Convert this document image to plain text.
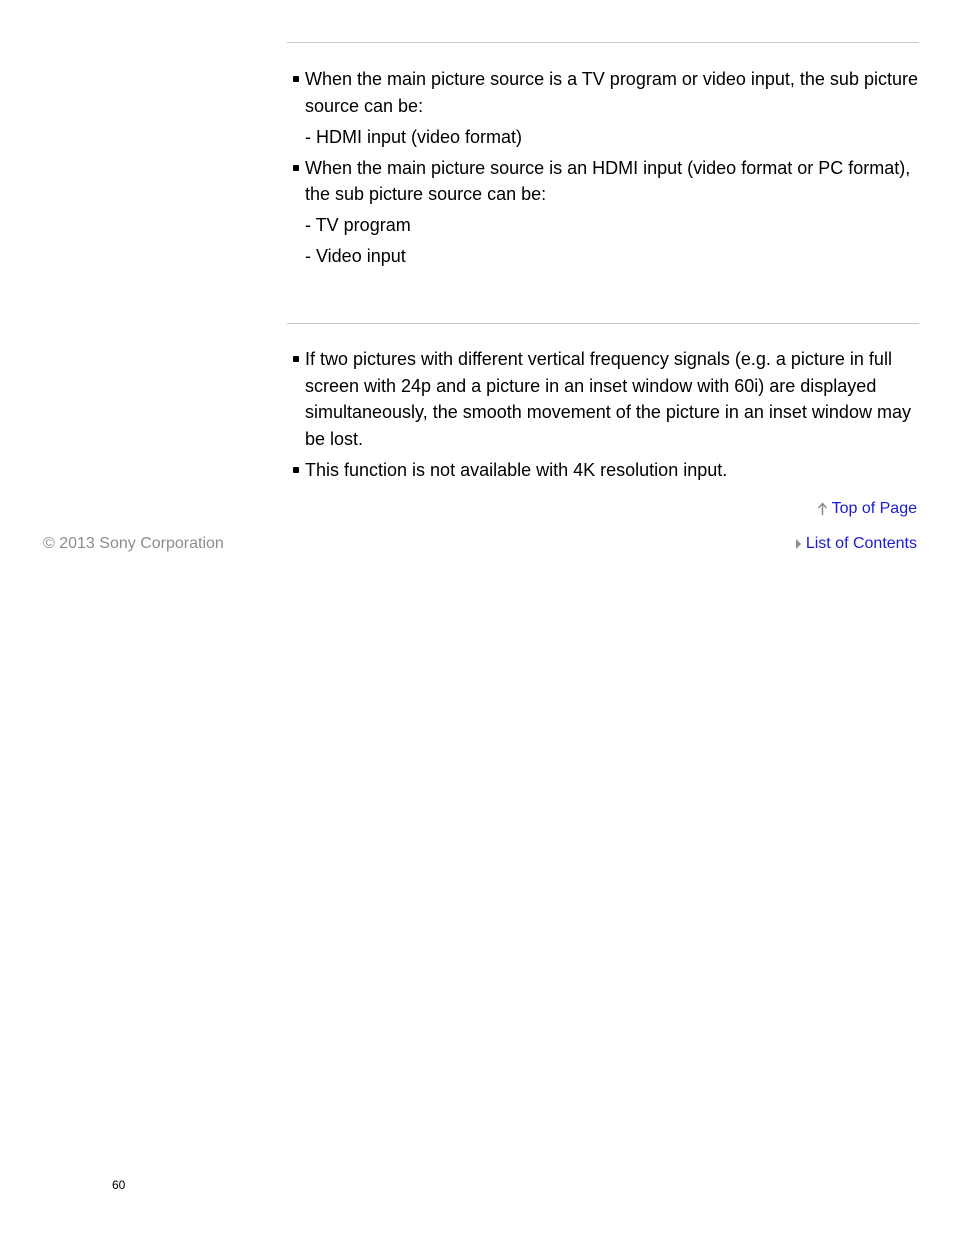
When the main picture source is a TV program or video input, the sub picture source can be:
- HDMI input (video format)
When the main picture source is an HDMI input (video format or PC format), the sub picture source can be:
- TV program
- Video input
If two pictures with different vertical frequency signals (e.g. a picture in full screen with 24p and a picture in an inset window with 60i) are displayed simultaneously, the smooth movement of the picture in an inset window may be lost.
This function is not available with 4K resolution input.
Top of Page
© 2013 Sony Corporation	List of Contents
60
